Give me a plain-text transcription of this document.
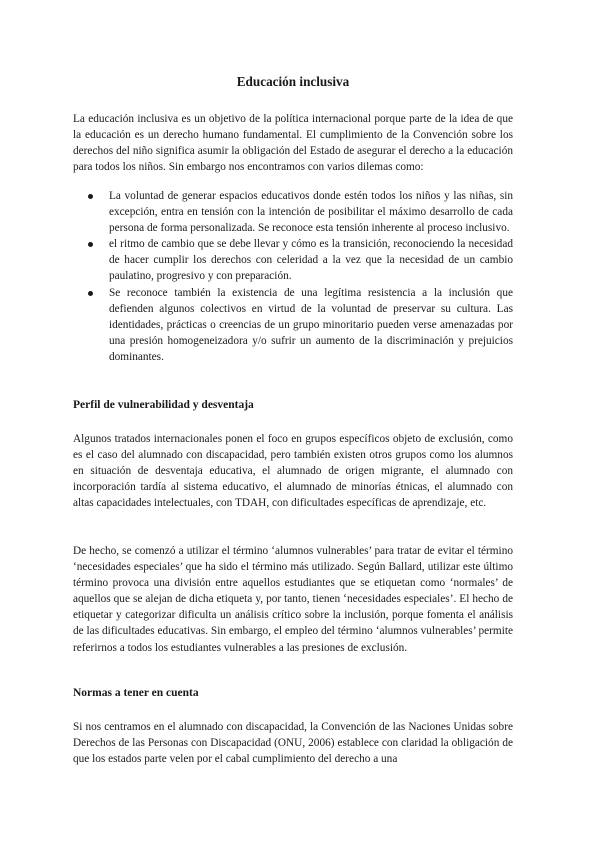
Educación inclusiva

La educación inclusiva es un objetivo de la política internacional porque parte de la idea de que la educación es un derecho humano fundamental. El cumplimiento de la Convención sobre los derechos del niño significa asumir la obligación del Estado de asegurar el derecho a la educación para todos los niños. Sin embargo nos encontramos con varios dilemas como:

La voluntad de generar espacios educativos donde estén todos los niños y las niñas, sin excepción, entra en tensión con la intención de posibilitar el máximo desarrollo de cada persona de forma personalizada. Se reconoce esta tensión inherente al proceso inclusivo.
el ritmo de cambio que se debe llevar y cómo es la transición, reconociendo la necesidad de hacer cumplir los derechos con celeridad a la vez que la necesidad de un cambio paulatino, progresivo y con preparación.
Se reconoce también la existencia de una legítima resistencia a la inclusión que defienden algunos colectivos en virtud de la voluntad de preservar su cultura. Las identidades, prácticas o creencias de un grupo minoritario pueden verse amenazadas por una presión homogeneizadora y/o sufrir un aumento de la discriminación y prejuicios dominantes.
Perfil de vulnerabilidad y desventaja

Algunos tratados internacionales ponen el foco en grupos específicos objeto de exclusión, como es el caso del alumnado con discapacidad, pero también existen otros grupos como los alumnos en situación de desventaja educativa, el alumnado de origen migrante, el alumnado con incorporación tardía al sistema educativo, el alumnado de minorías étnicas, el alumnado con altas capacidades intelectuales, con TDAH, con dificultades específicas de aprendizaje, etc.

De hecho, se comenzó a utilizar el término ‘alumnos vulnerables’ para tratar de evitar el término ‘necesidades especiales’ que ha sido el término más utilizado. Según Ballard, utilizar este último término provoca una división entre aquellos estudiantes que se etiquetan como ‘normales’ de aquellos que se alejan de dicha etiqueta y, por tanto, tienen ‘necesidades especiales’. El hecho de etiquetar y categorizar dificulta un análisis crítico sobre la inclusión, porque fomenta el análisis de las dificultades educativas. Sin embargo, el empleo del término ‘alumnos vulnerables’ permite referirnos a todos los estudiantes vulnerables a las presiones de exclusión.

Normas a tener en cuenta

Si nos centramos en el alumnado con discapacidad, la Convención de las Naciones Unidas sobre Derechos de las Personas con Discapacidad (ONU, 2006) establece con claridad la obligación de que los estados parte velen por el cabal cumplimiento del derecho a una
